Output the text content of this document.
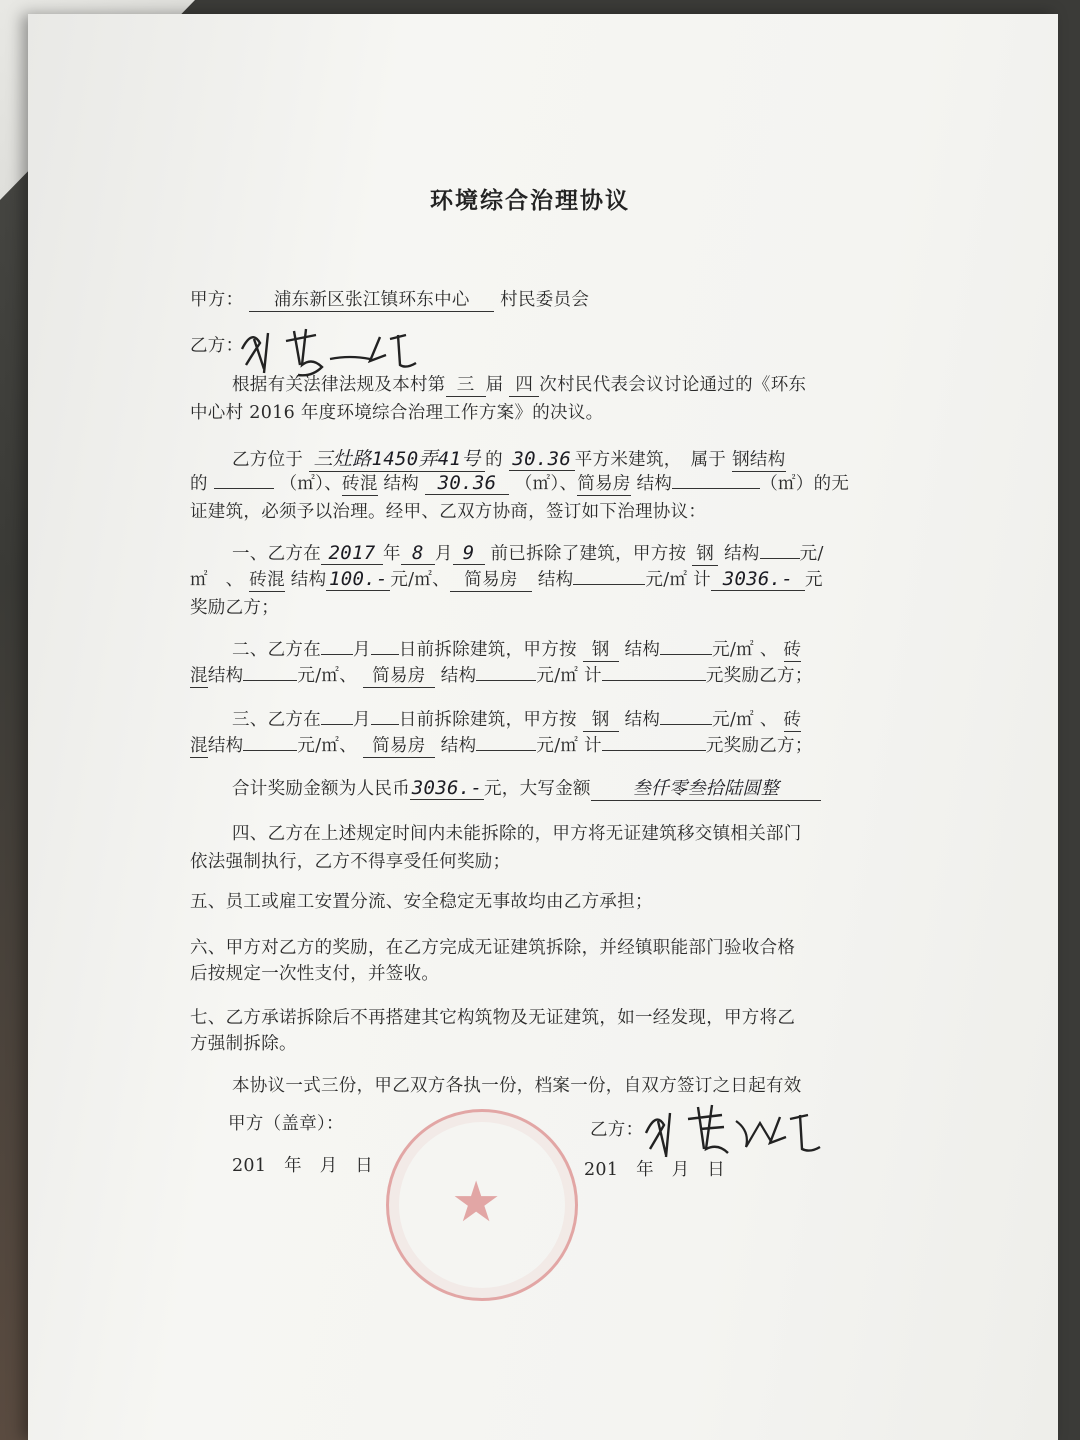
环境综合治理协议
甲方： 浦东新区张江镇环东中心 村民委员会
乙方：
根据有关法律法规及本村第 三 届 四 次村民代表会议讨论通过的《环东
中心村 2016 年度环境综合治理工作方案》的决议。
乙方位于 三灶路1450弄41号 的 30.36 平方米建筑，　属于 钢结构
的	（㎡）、砖混 结构 30.36 （㎡）、简易房 结构	（㎡）的无
证建筑，必须予以治理。经甲、乙双方协商，签订如下治理协议：
一、乙方在 2017 年 8 月 9 前已拆除了建筑，甲方按 钢 结构 元/
㎡　、 砖混 结构 100.- 元/㎡、 简易房 结构	元/㎡ 计 3036.- 元
奖励乙方；
二、乙方在 月 日前拆除建筑，甲方按 钢 结构	元/㎡ 、 砖
混结构	元/㎡、 简易房 结构	元/㎡ 计	元奖励乙方；
三、乙方在 月 日前拆除建筑，甲方按 钢 结构	元/㎡ 、 砖
混结构	元/㎡、 简易房 结构	元/㎡ 计	元奖励乙方；
合计奖励金额为人民币3036.- 元，大写金额 叁仟零叁拾陆圆整
四、乙方在上述规定时间内未能拆除的，甲方将无证建筑移交镇相关部门
依法强制执行，乙方不得享受任何奖励；
五、员工或雇工安置分流、安全稳定无事故均由乙方承担；
六、甲方对乙方的奖励，在乙方完成无证建筑拆除，并经镇职能部门验收合格
后按规定一次性支付，并签收。
七、乙方承诺拆除后不再搭建其它构筑物及无证建筑，如一经发现，甲方将乙
方强制拆除。
本协议一式三份，甲乙双方各执一份，档案一份，自双方签订之日起有效
甲方（盖章）：
201　年　月　日
★
乙方：
201　年　月　日
